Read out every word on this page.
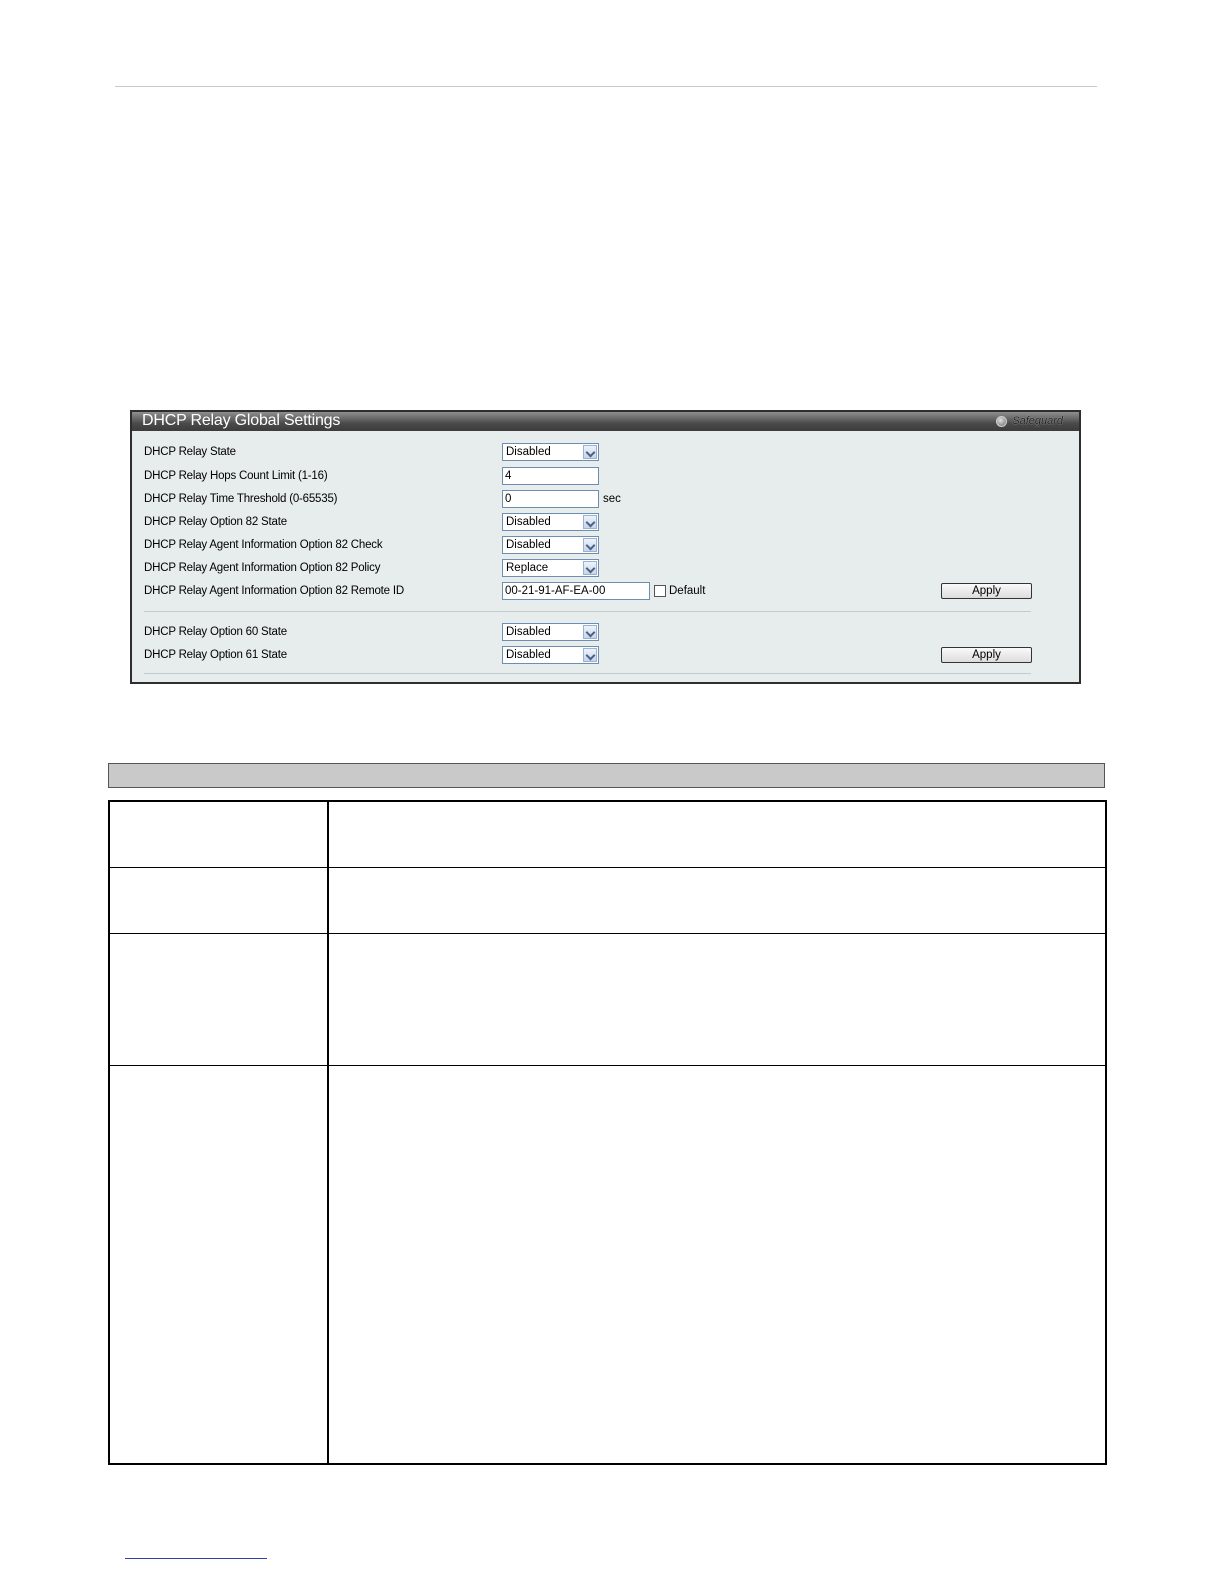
DHCP Relay Global Settings	Safeguard
DHCP Relay State	Disabled
DHCP Relay Hops Count Limit (1-16)	4
DHCP Relay Time Threshold (0-65535)	0	sec
DHCP Relay Option 82 State	Disabled
DHCP Relay Agent Information Option 82 Check	Disabled
DHCP Relay Agent Information Option 82 Policy	Replace
DHCP Relay Agent Information Option 82 Remote ID	00-21-91-AF-EA-00	Default	Apply
DHCP Relay Option 60 State	Disabled
DHCP Relay Option 61 State	Disabled	Apply
